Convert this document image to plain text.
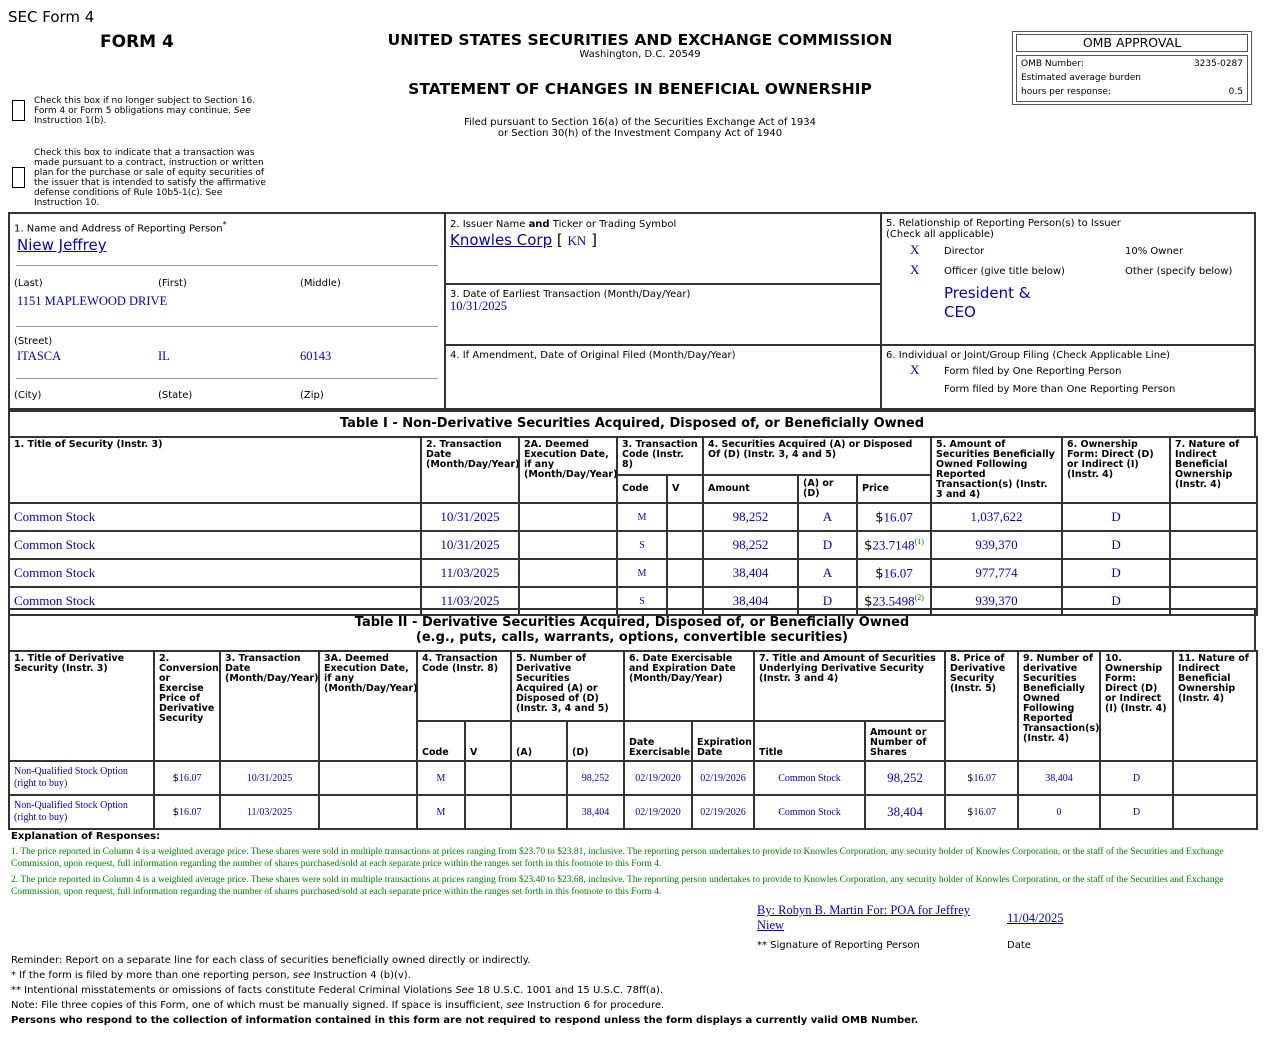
SEC Form 4
FORM 4	UNITED STATES SECURITIES AND EXCHANGE COMMISSION
Washington, D.C. 20549
STATEMENT OF CHANGES IN BENEFICIAL OWNERSHIP
Filed pursuant to Section 16(a) of the Securities Exchange Act of 1934
or Section 30(h) of the Investment Company Act of 1940
OMB APPROVAL
OMB Number:	3235-0287
Estimated average burden
hours per response:	0.5
Check this box if no longer subject to Section 16. Form 4 or Form 5 obligations may continue. See Instruction 1(b).
Check this box to indicate that a transaction was made pursuant to a contract, instruction or written plan for the purchase or sale of equity securities of the issuer that is intended to satisfy the affirmative defense conditions of Rule 10b5-1(c). See Instruction 10.
1. Name and Address of Reporting Person*
Niew Jeffrey
(Last)	(First)	(Middle)
1151 MAPLEWOOD DRIVE
(Street)
ITASCA	IL	60143
(City)	(State)	(Zip)
2. Issuer Name and Ticker or Trading Symbol
Knowles Corp [ KN ]
3. Date of Earliest Transaction (Month/Day/Year)
10/31/2025
4. If Amendment, Date of Original Filed (Month/Day/Year)
5. Relationship of Reporting Person(s) to Issuer
(Check all applicable)
X Director	10% Owner
X Officer (give title below)	Other (specify below)
President &
CEO
6. Individual or Joint/Group Filing (Check Applicable Line)
X Form filed by One Reporting Person
Form filed by More than One Reporting Person
Table I - Non-Derivative Securities Acquired, Disposed of, or Beneficially Owned
1. Title of Security (Instr. 3)	2. Transaction Date (Month/Day/Year)	2A. Deemed Execution Date, if any (Month/Day/Year)	3. Transaction Code (Instr. 8)		4. Securities Acquired (A) or Disposed Of (D) (Instr. 3, 4 and 5)			5. Amount of Securities Beneficially Owned Following Reported Transaction(s) (Instr. 3 and 4)	6. Ownership Form: Direct (D) or Indirect (I) (Instr. 4)	7. Nature of Indirect Beneficial Ownership (Instr. 4)
			Code	V	Amount	(A) or (D)	Price			
Common Stock	10/31/2025		M		98,252	A	$16.07	1,037,622	D	
Common Stock	10/31/2025		S		98,252	D	$23.7148$^{(1)}$	939,370	D	
Common Stock	11/03/2025		M		38,404	A	$16.07	977,774	D	
Common Stock	11/03/2025		S		38,404	D	$23.5498$^{(2)}$	939,370	D	
Table II - Derivative Securities Acquired, Disposed of, or Beneficially Owned
(e.g., puts, calls, warrants, options, convertible securities)
1. Title of Derivative Security (Instr. 3)	2. Conversion or Exercise Price of Derivative Security	3. Transaction Date (Month/Day/Year)	3A. Deemed Execution Date, if any (Month/Day/Year)	4. Transaction Code (Instr. 8)		5. Number of Derivative Securities Acquired (A) or Disposed of (D) (Instr. 3, 4 and 5)		6. Date Exercisable and Expiration Date (Month/Day/Year)		7. Title and Amount of Securities Underlying Derivative Security (Instr. 3 and 4)		8. Price of Derivative Security (Instr. 5)	9. Number of derivative Securities Beneficially Owned Following Reported Transaction(s) (Instr. 4)	10. Ownership Form: Direct (D) or Indirect (I) (Instr. 4)	11. Nature of Indirect Beneficial Ownership (Instr. 4)
				Code	V	(A)	(D)	Date Exercisable	Expiration Date	Title	Amount or Number of Shares				
Non-Qualified Stock Option (right to buy)	$16.07	10/31/2025		M			98,252	02/19/2020	02/19/2026	Common Stock	98,252	$16.07	38,404	D	
Non-Qualified Stock Option (right to buy)	$16.07	11/03/2025		M			38,404	02/19/2020	02/19/2026	Common Stock	38,404	$16.07	0	D	
Explanation of Responses:
1. The price reported in Column 4 is a weighted average price. These shares were sold in multiple transactions at prices ranging from $23.70 to $23.81, inclusive. The reporting person undertakes to provide to Knowles Corporation, any security holder of Knowles Corporation, or the staff of the Securities and Exchange Commission, upon request, full information regarding the number of shares purchased/sold at each separate price within the ranges set forth in this footnote to this Form 4.
2. The price reported in Column 4 is a weighted average price. These shares were sold in multiple transactions at prices ranging from $23.40 to $23.68, inclusive. The reporting person undertakes to provide to Knowles Corporation, any security holder of Knowles Corporation, or the staff of the Securities and Exchange Commission, upon request, full information regarding the number of shares purchased/sold at each separate price within the ranges set forth in this footnote to this Form 4.
By: Robyn B. Martin For: POA for Jeffrey Niew	11/04/2025
** Signature of Reporting Person	Date
Reminder: Report on a separate line for each class of securities beneficially owned directly or indirectly.
* If the form is filed by more than one reporting person, see Instruction 4 (b)(v).
** Intentional misstatements or omissions of facts constitute Federal Criminal Violations See 18 U.S.C. 1001 and 15 U.S.C. 78ff(a).
Note: File three copies of this Form, one of which must be manually signed. If space is insufficient, see Instruction 6 for procedure.
Persons who respond to the collection of information contained in this form are not required to respond unless the form displays a currently valid OMB Number.
